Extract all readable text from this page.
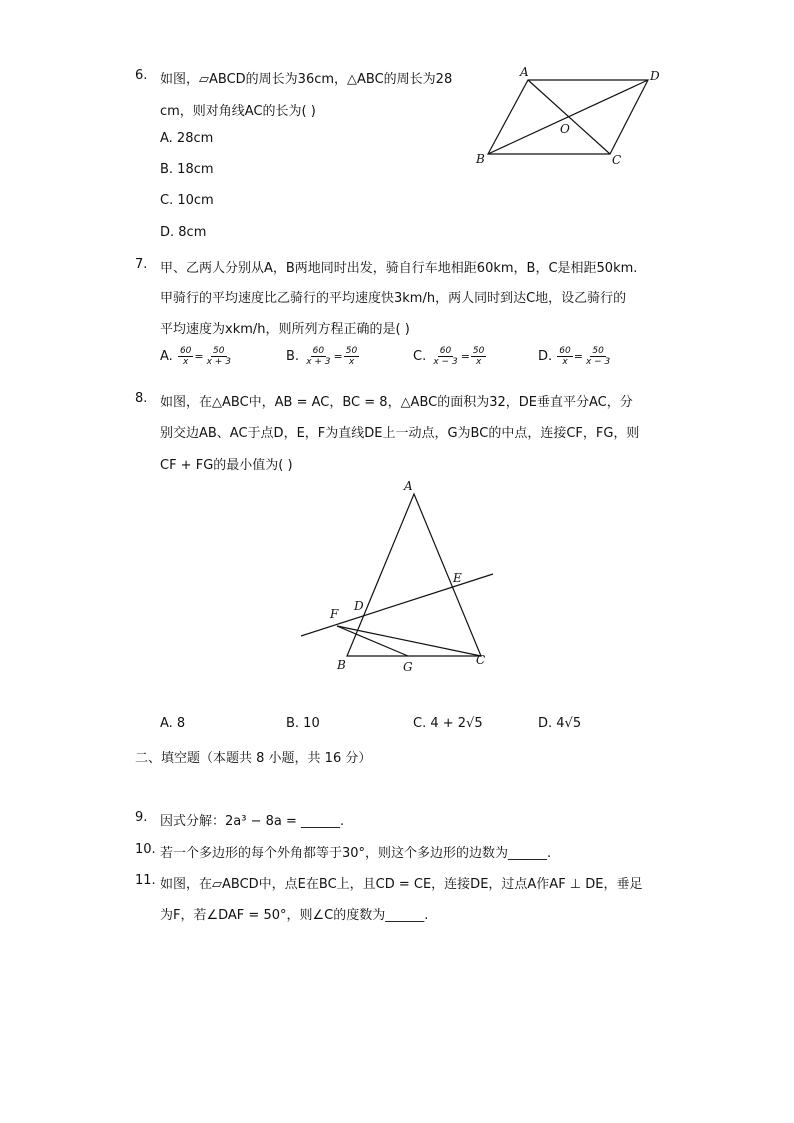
6. 如图，▱ABCD的周长为36cm，△ABC的周长为28
cm，则对角线AC的长为( )
A. 28cm
B. 18cm
C. 10cm
D. 8cm
A	D
B	C
O
7. 甲、乙两人分别从A，B两地同时出发，骑自行车地相距60km，B，C是相距50km.
甲骑行的平均速度比乙骑行的平均速度快3km/h，两人同时到达C地，设乙骑行的
平均速度为xkm/h，则所列方程正确的是( )
A. $\frac{60}{x} = \frac{50}{x + 3}$	B. $\frac{60}{x + 3} = \frac{50}{x}$	C. $\frac{60}{x - 3} = \frac{50}{x}$	D. $\frac{60}{x} = \frac{50}{x - 3}$
8. 如图，在△ABC中，AB = AC，BC = 8，△ABC的面积为32，DE垂直平分AC，分
别交边AB、AC于点D，E，F为直线DE上一动点，G为BC的中点，连接CF，FG，则
CF + FG的最小值为( )
A
E
D
F
B	G	C
A. 8	B. 10	C. 4 + 2√5	D. 4√5
二、填空题（本题共 8 小题，共 16 分）
9. 因式分解：2a³ − 8a = ______.
10. 若一个多边形的每个外角都等于30°，则这个多边形的边数为______.
11. 如图，在▱ABCD中，点E在BC上，且CD = CE，连接DE，过点A作AF ⊥ DE，垂足
为F，若∠DAF = 50°，则∠C的度数为______.
